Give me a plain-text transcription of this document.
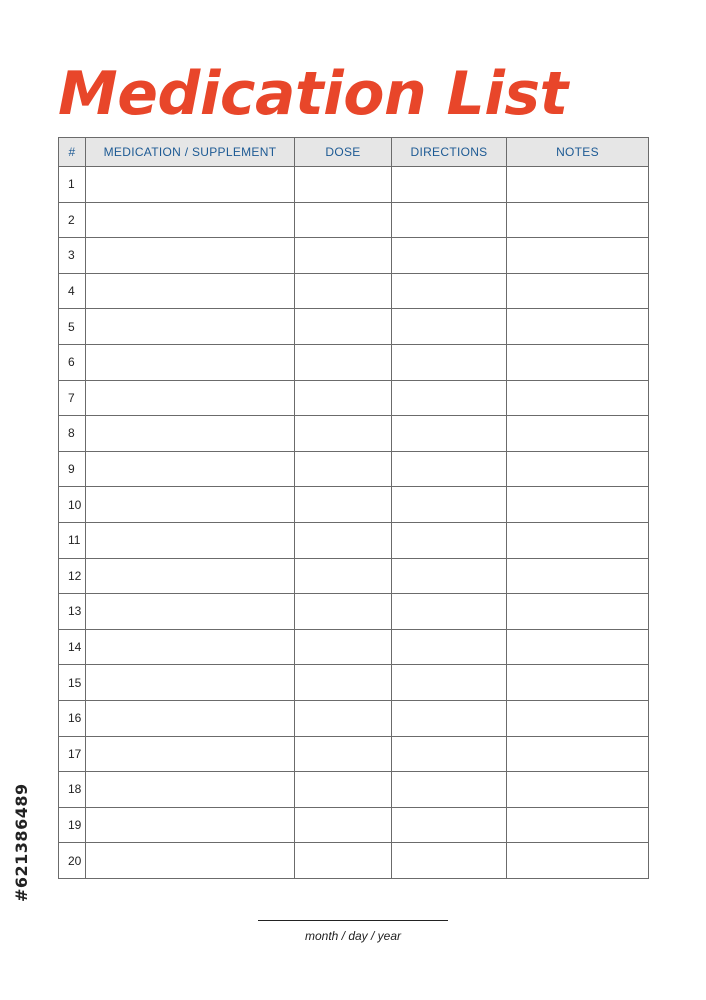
Medication List
#	MEDICATION / SUPPLEMENT	DOSE	DIRECTIONS	NOTES
1				
2				
3				
4				
5				
6				
7				
8				
9				
10				
11				
12				
13				
14				
15				
16				
17				
18				
19				
20				
month / day / year
#621386489
